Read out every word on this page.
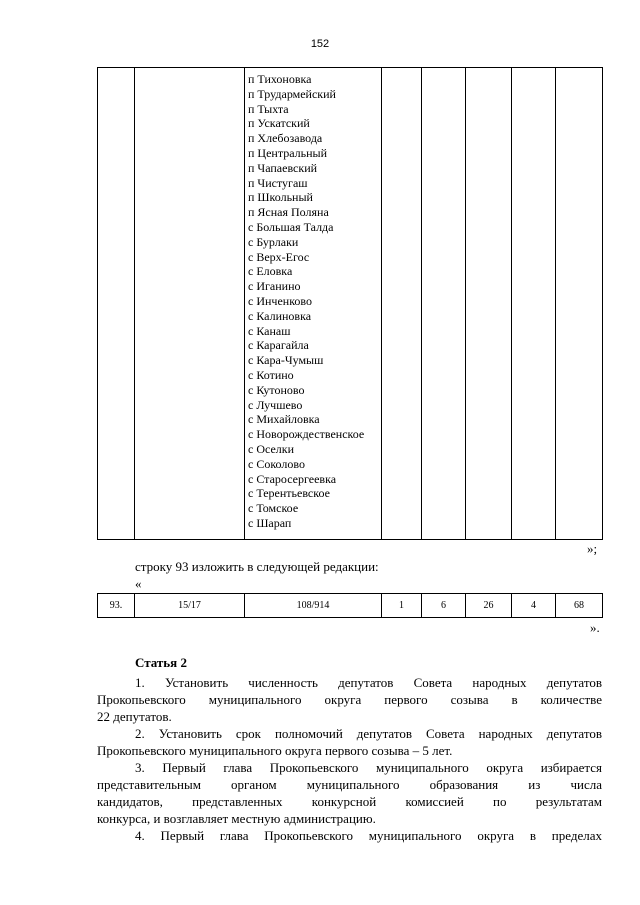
152

п Тихоновка
п Трудармейский
п Тыхта
п Ускатский
п Хлебозавода
п Центральный
п Чапаевский
п Чистугаш
п Школьный
п Ясная Поляна
с Большая Талда
с Бурлаки
с Верх-Егос
с Еловка
с Иганино
с Инченково
с Калиновка
с Канаш
с Карагайла
с Кара-Чумыш
с Котино
с Кутоново
с Лучшево
с Михайловка
с Новорождественское
с Оселки
с Соколово
с Старосергеевка
с Терентьевское
с Томское
с Шарап

»;
строку 93 изложить в следующей редакции:
«
93.	15/17	108/914	1	6	26	4	68
».
Статья 2

1. Установить численность депутатов Совета народных депутатов

Прокопьевского муниципального округа первого созыва в количестве

22 депутатов.

2. Установить срок полномочий депутатов Совета народных депутатов

Прокопьевского муниципального округа первого созыва – 5 лет.

3. Первый глава Прокопьевского муниципального округа избирается

представительным органом муниципального образования из числа

кандидатов, представленных конкурсной комиссией по результатам

конкурса, и возглавляет местную администрацию.

4. Первый глава Прокопьевского муниципального округа в пределах
